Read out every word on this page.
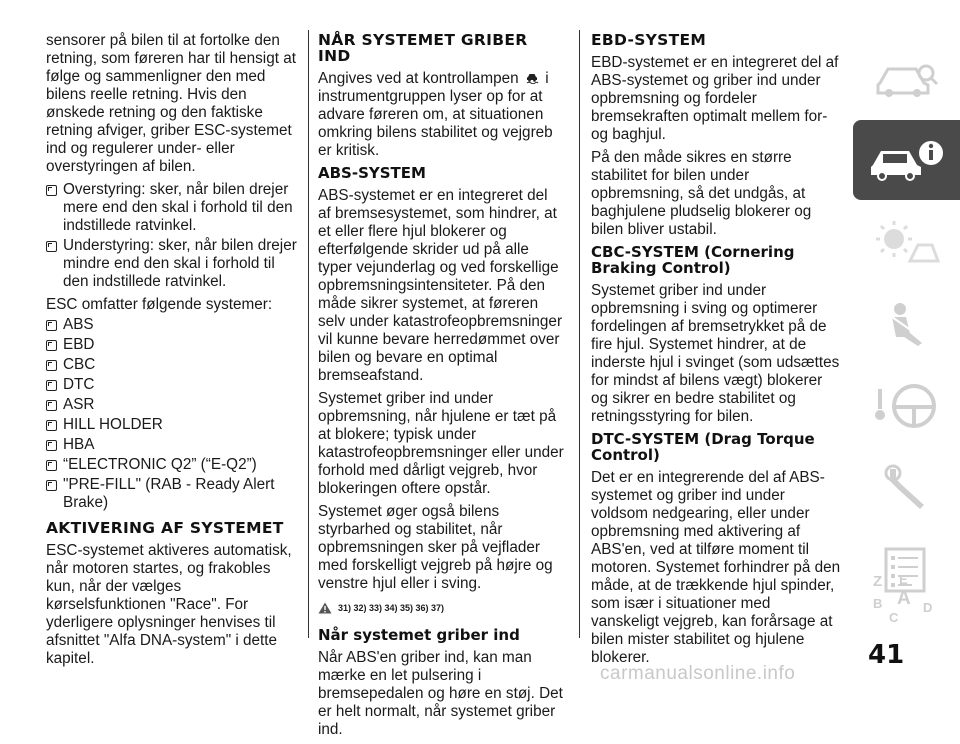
sensorer på bilen til at fortolke den retning, som føreren har til hensigt at følge og sammenligner den med bilens reelle retning. Hvis den ønskede retning og den faktiske retning afviger, griber ESC-systemet ind og regulerer under- eller overstyringen af bilen.

Overstyring: sker, når bilen drejer mere end den skal i forhold til den indstillede ratvinkel.
Understyring: sker, når bilen drejer mindre end den skal i forhold til den indstillede ratvinkel.

ESC omfatter følgende systemer:

ABS
EBD
CBC
DTC
ASR
HILL HOLDER
HBA
“ELECTRONIC Q2” (“E-Q2”)
"PRE-FILL" (RAB - Ready Alert Brake)
AKTIVERING AF SYSTEMET

ESC-systemet aktiveres automatisk, når motoren startes, og frakobles kun, når der vælges kørselsfunktionen "Race". For yderligere oplysninger henvises til afsnittet "Alfa DNA-system" i dette kapitel.

NÅR SYSTEMET GRIBER IND

Angives ved at kontrollampen i instrumentgruppen lyser op for at advare føreren om, at situationen omkring bilens stabilitet og vejgreb er kritisk.

ABS-SYSTEM

ABS-systemet er en integreret del af bremsesystemet, som hindrer, at et eller flere hjul blokerer og efterfølgende skrider ud på alle typer vejunderlag og ved forskellige opbremsningsintensiteter. På den måde sikrer systemet, at føreren selv under katastrofeopbremsninger vil kunne bevare herredømmet over bilen og bevare en optimal bremseafstand.

Systemet griber ind under opbremsning, når hjulene er tæt på at blokere; typisk under katastrofeopbremsninger eller under forhold med dårligt vejgreb, hvor blokeringen oftere opstår.

Systemet øger også bilens styrbarhed og stabilitet, når opbremsningen sker på vejflader med forskelligt vejgreb på højre og venstre hjul eller i sving.

31) 32) 33) 34) 35) 36) 37)
Når systemet griber ind

Når ABS'en griber ind, kan man mærke en let pulsering i bremsepedalen og høre en støj. Det er helt normalt, når systemet griber ind.

EBD-SYSTEM

EBD-systemet er en integreret del af ABS-systemet og griber ind under opbremsning og fordeler bremsekraften optimalt mellem for- og baghjul.

På den måde sikres en større stabilitet for bilen under opbremsning, så det undgås, at baghjulene pludselig blokerer og bilen bliver ustabil.

CBC-SYSTEM (Cornering Braking Control)

Systemet griber ind under opbremsning i sving og optimerer fordelingen af bremsetrykket på de fire hjul. Systemet hindrer, at de inderste hjul i svinget (som udsættes for mindst af bilens vægt) blokerer og sikrer en bedre stabilitet og retningsstyring for bilen.

DTC-SYSTEM (Drag Torque Control)

Det er en integrerende del af ABS-systemet og griber ind under voldsom nedgearing, eller under opbremsning med aktivering af ABS'en, ved at tilføre moment til motoren. Systemet forhindrer på den måde, at de trækkende hjul spinder, som især i situationer med vanskeligt vejgreb, kan forårsage at bilen mister stabilitet og hjulene blokerer.

Z E
B A D
C
41
carmanualsonline.info
